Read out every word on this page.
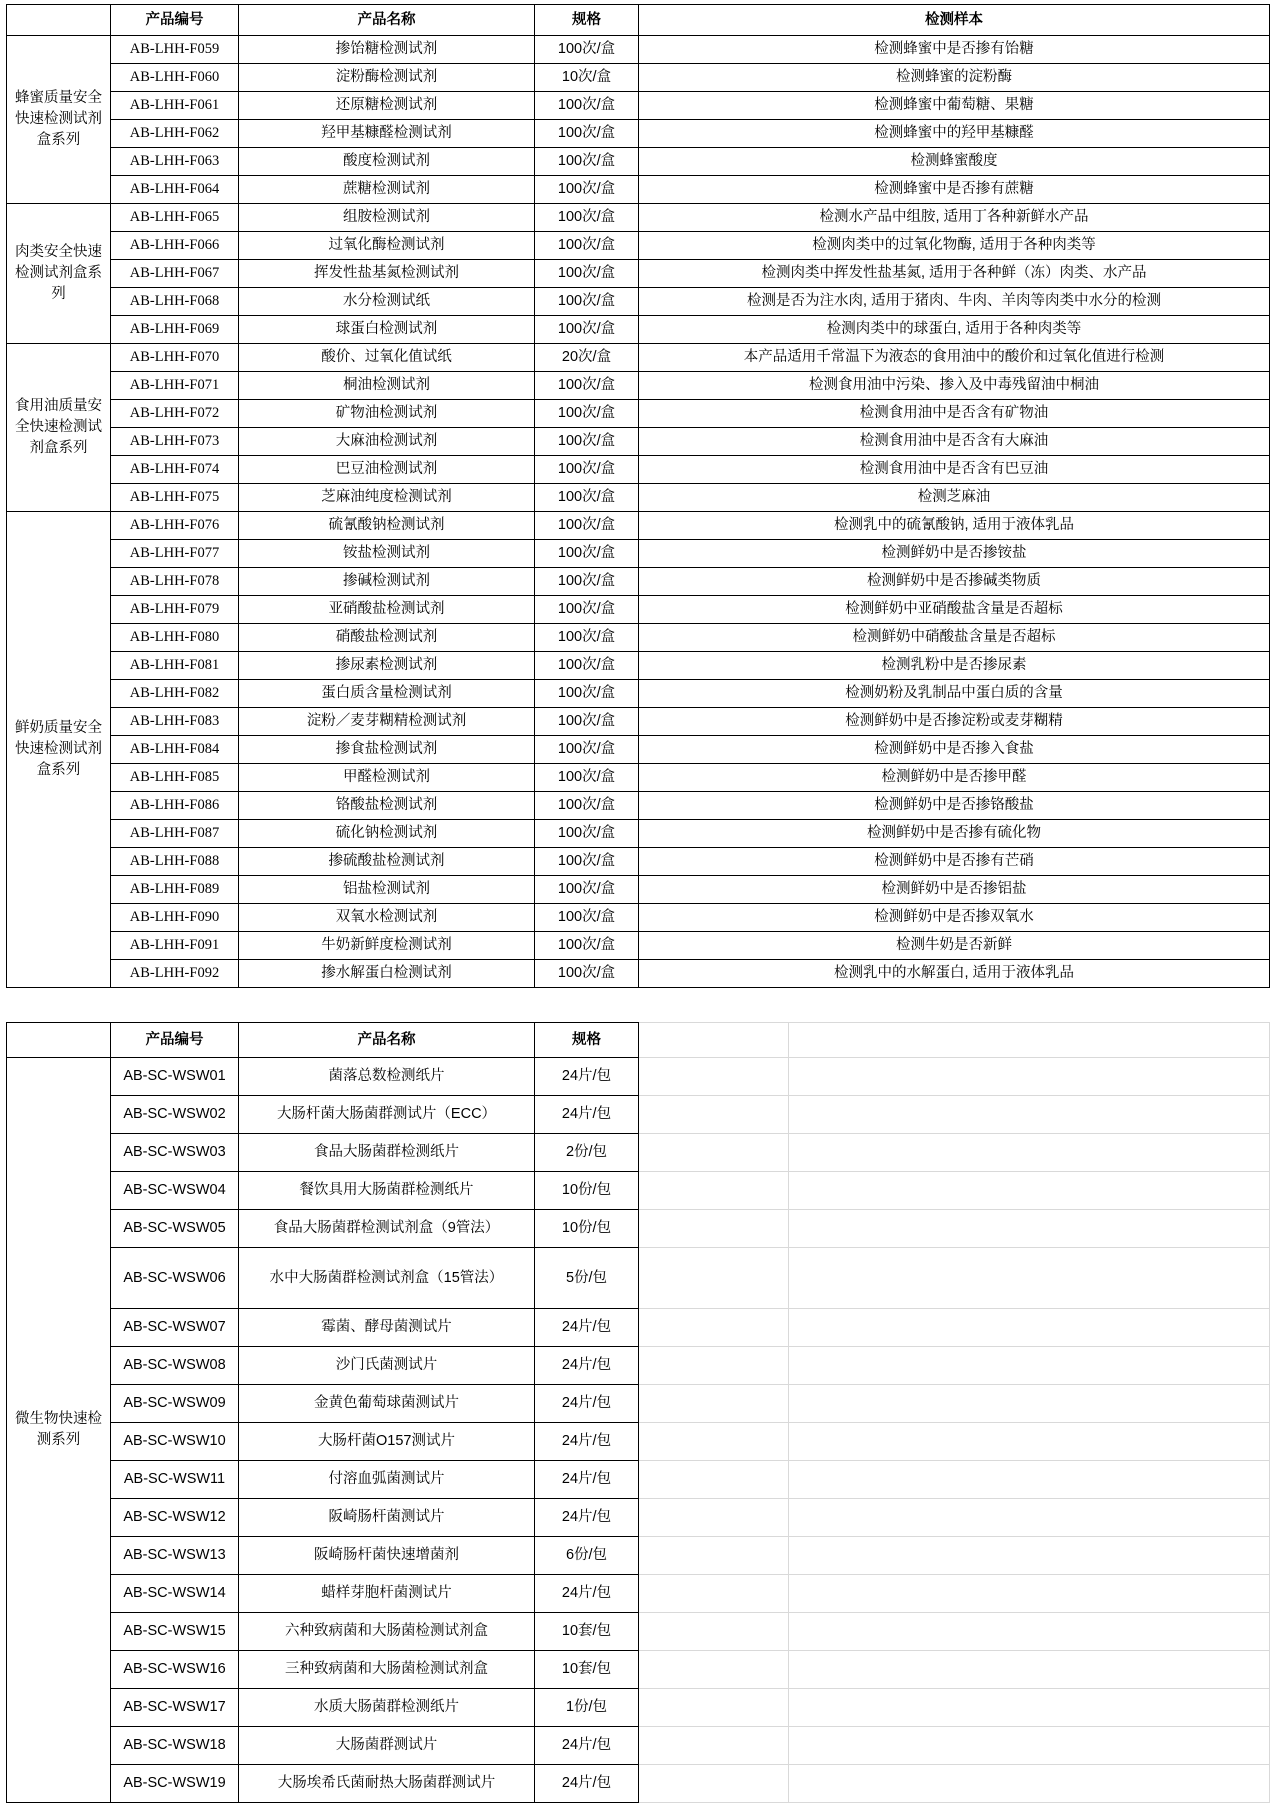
	产品编号	产品名称	规格	检测样本
蜂蜜质量安全快速检测试剂盒系列	AB-LHH-F059	掺饴糖检测试剂	100次/盒	检测蜂蜜中是否掺有饴糖
	AB-LHH-F060	淀粉酶检测试剂	10次/盒	检测蜂蜜的淀粉酶
	AB-LHH-F061	还原糖检测试剂	100次/盒	检测蜂蜜中葡萄糖、果糖
	AB-LHH-F062	羟甲基糠醛检测试剂	100次/盒	检测蜂蜜中的羟甲基糠醛
	AB-LHH-F063	酸度检测试剂	100次/盒	检测蜂蜜酸度
	AB-LHH-F064	蔗糖检测试剂	100次/盒	检测蜂蜜中是否掺有蔗糖
肉类安全快速检测试剂盒系列	AB-LHH-F065	组胺检测试剂	100次/盒	检测水产品中组胺, 适用丁各种新鲜水产品
	AB-LHH-F066	过氧化酶检测试剂	100次/盒	检测肉类中的过氧化物酶, 适用于各种肉类等
	AB-LHH-F067	挥发性盐基氮检测试剂	100次/盒	检测肉类中挥发性盐基氮, 适用于各种鲜（冻）肉类、水产品
	AB-LHH-F068	水分检测试纸	100次/盒	检测是否为注水肉, 适用于猪肉、牛肉、羊肉等肉类中水分的检测
	AB-LHH-F069	球蛋白检测试剂	100次/盒	检测肉类中的球蛋白, 适用于各种肉类等
食用油质量安全快速检测试剂盒系列	AB-LHH-F070	酸价、过氧化值试纸	20次/盒	本产品适用千常温下为液态的食用油中的酸价和过氧化值进行检测
	AB-LHH-F071	桐油检测试剂	100次/盒	检测食用油中污染、掺入及中毒残留油中桐油
	AB-LHH-F072	矿物油检测试剂	100次/盒	检测食用油中是否含有矿物油
	AB-LHH-F073	大麻油检测试剂	100次/盒	检测食用油中是否含有大麻油
	AB-LHH-F074	巴豆油检测试剂	100次/盒	检测食用油中是否含有巴豆油
	AB-LHH-F075	芝麻油纯度检测试剂	100次/盒	检测芝麻油
鲜奶质量安全快速检测试剂盒系列	AB-LHH-F076	硫氰酸钠检测试剂	100次/盒	检测乳中的硫氰酸钠, 适用于液体乳品
	AB-LHH-F077	铵盐检测试剂	100次/盒	检测鲜奶中是否掺铵盐
	AB-LHH-F078	掺碱检测试剂	100次/盒	检测鲜奶中是否掺碱类物质
	AB-LHH-F079	亚硝酸盐检测试剂	100次/盒	检测鲜奶中亚硝酸盐含量是否超标
	AB-LHH-F080	硝酸盐检测试剂	100次/盒	检测鲜奶中硝酸盐含量是否超标
	AB-LHH-F081	掺尿素检测试剂	100次/盒	检测乳粉中是否掺尿素
	AB-LHH-F082	蛋白质含量检测试剂	100次/盒	检测奶粉及乳制品中蛋白质的含量
	AB-LHH-F083	淀粉／麦芽糊精检测试剂	100次/盒	检测鲜奶中是否掺淀粉或麦芽糊精
	AB-LHH-F084	掺食盐检测试剂	100次/盒	检测鲜奶中是否掺入食盐
	AB-LHH-F085	甲醛检测试剂	100次/盒	检测鲜奶中是否掺甲醛
	AB-LHH-F086	铬酸盐检测试剂	100次/盒	检测鲜奶中是否掺铬酸盐
	AB-LHH-F087	硫化钠检测试剂	100次/盒	检测鲜奶中是否掺有硫化物
	AB-LHH-F088	掺硫酸盐检测试剂	100次/盒	检测鲜奶中是否掺有芒硝
	AB-LHH-F089	铝盐检测试剂	100次/盒	检测鲜奶中是否掺铝盐
	AB-LHH-F090	双氧水检测试剂	100次/盒	检测鲜奶中是否掺双氧水
	AB-LHH-F091	牛奶新鲜度检测试剂	100次/盒	检测牛奶是否新鲜
	AB-LHH-F092	掺水解蛋白检测试剂	100次/盒	检测乳中的水解蛋白, 适用于液体乳品
	产品编号	产品名称	规格		
微生物快速检测系列	AB-SC-WSW01	菌落总数检测纸片	24片/包		
	AB-SC-WSW02	大肠杆菌大肠菌群测试片（ECC）	24片/包		
	AB-SC-WSW03	食品大肠菌群检测纸片	2份/包		
	AB-SC-WSW04	餐饮具用大肠菌群检测纸片	10份/包		
	AB-SC-WSW05	食品大肠菌群检测试剂盒（9管法）	10份/包		
	AB-SC-WSW06	水中大肠菌群检测试剂盒（15管法）	5份/包		
	AB-SC-WSW07	霉菌、酵母菌测试片	24片/包		
	AB-SC-WSW08	沙门氏菌测试片	24片/包		
	AB-SC-WSW09	金黄色葡萄球菌测试片	24片/包		
	AB-SC-WSW10	大肠杆菌O157测试片	24片/包		
	AB-SC-WSW11	付溶血弧菌测试片	24片/包		
	AB-SC-WSW12	阪崎肠杆菌测试片	24片/包		
	AB-SC-WSW13	阪崎肠杆菌快速增菌剂	6份/包		
	AB-SC-WSW14	蜡样芽胞杆菌测试片	24片/包		
	AB-SC-WSW15	六种致病菌和大肠菌检测试剂盒	10套/包		
	AB-SC-WSW16	三种致病菌和大肠菌检测试剂盒	10套/包		
	AB-SC-WSW17	水质大肠菌群检测纸片	1份/包		
	AB-SC-WSW18	大肠菌群测试片	24片/包		
	AB-SC-WSW19	大肠埃希氏菌耐热大肠菌群测试片	24片/包		
